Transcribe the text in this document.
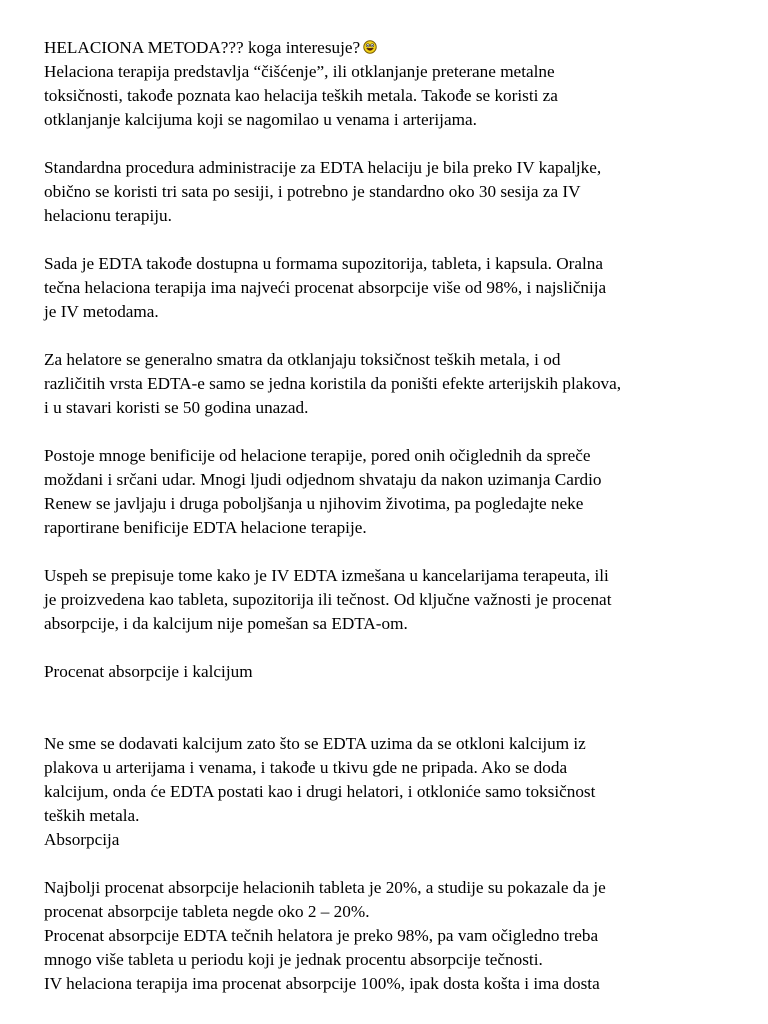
HELACIONA METODA??? koga interesuje?
Helaciona terapija predstavlja “čišćenje”, ili otklanjanje preterane metalne
toksičnosti, takođe poznata kao helacija teških metala. Takođe se koristi za
otklanjanje kalcijuma koji se nagomilao u venama i arterijama.
Standardna procedura administracije za EDTA helaciju je bila preko IV kapaljke,
obično se koristi tri sata po sesiji, i potrebno je standardno oko 30 sesija za IV
helacionu terapiju.
Sada je EDTA takođe dostupna u formama supozitorija, tableta, i kapsula. Oralna
tečna helaciona terapija ima najveći procenat absorpcije više od 98%, i najsličnija
je IV metodama.
Za helatore se generalno smatra da otklanjaju toksičnost teških metala, i od
različitih vrsta EDTA-e samo se jedna koristila da poništi efekte arterijskih plakova,
i u stavari koristi se 50 godina unazad.
Postoje mnoge benificije od helacione terapije, pored onih očiglednih da spreče
moždani i srčani udar. Mnogi ljudi odjednom shvataju da nakon uzimanja Cardio
Renew se javljaju i druga poboljšanja u njihovim životima, pa pogledajte neke
raportirane benificije EDTA helacione terapije.
Uspeh se prepisuje tome kako je IV EDTA izmešana u kancelarijama terapeuta, ili
je proizvedena kao tableta, supozitorija ili tečnost. Od ključne važnosti je procenat
absorpcije, i da kalcijum nije pomešan sa EDTA-om.
Procenat absorpcije i kalcijum
Ne sme se dodavati kalcijum zato što se EDTA uzima da se otkloni kalcijum iz
plakova u arterijama i venama, i takođe u tkivu gde ne pripada. Ako se doda
kalcijum, onda će EDTA postati kao i drugi helatori, i otkloniće samo toksičnost
teških metala.
Absorpcija
Najbolji procenat absorpcije helacionih tableta je 20%, a studije su pokazale da je
procenat absorpcije tableta negde oko 2 – 20%.
Procenat absorpcije EDTA tečnih helatora je preko 98%, pa vam očigledno treba
mnogo više tableta u periodu koji je jednak procentu absorpcije tečnosti.
IV helaciona terapija ima procenat absorpcije 100%, ipak dosta košta i ima dosta
